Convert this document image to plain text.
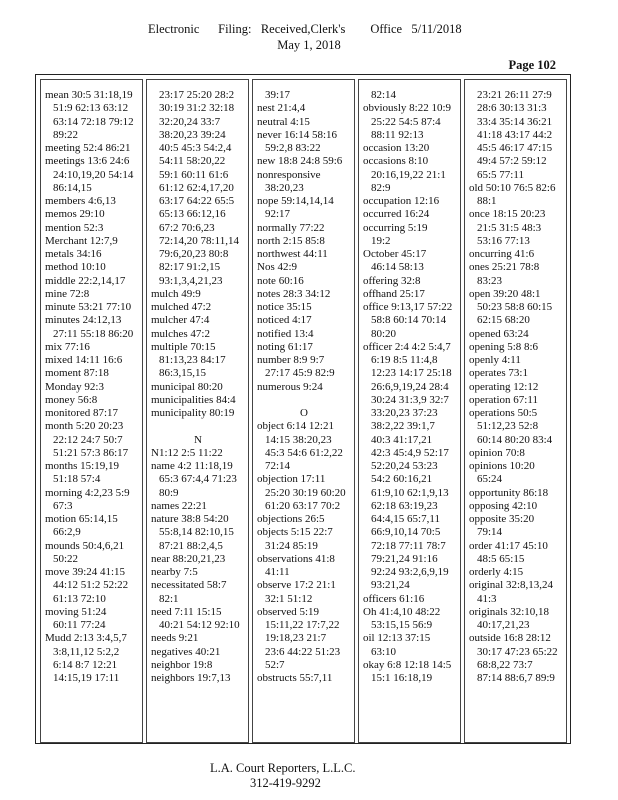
Electronic      Filing:   Received,Clerk's        Office   5/11/2018
May 1, 2018
Page 102
mean 30:5 31:18,19
51:9 62:13 63:12
63:14 72:18 79:12
89:22
meeting 52:4 86:21
meetings 13:6 24:6
24:10,19,20 54:14
86:14,15
members 4:6,13
memos 29:10
mention 52:3
Merchant 12:7,9
metals 34:16
method 10:10
middle 22:2,14,17
mine 72:8
minute 53:21 77:10
minutes 24:12,13
27:11 55:18 86:20
mix 77:16
mixed 14:11 16:6
moment 87:18
Monday 92:3
money 56:8
monitored 87:17
month 5:20 20:23
22:12 24:7 50:7
51:21 57:3 86:17
months 15:19,19
51:18 57:4
morning 4:2,23 5:9
67:3
motion 65:14,15
66:2,9
mounds 50:4,6,21
50:22
move 39:24 41:15
44:12 51:2 52:22
61:13 72:10
moving 51:24
60:11 77:24
Mudd 2:13 3:4,5,7
3:8,11,12 5:2,2
6:14 8:7 12:21
14:15,19 17:11
23:17 25:20 28:2
30:19 31:2 32:18
32:20,24 33:7
38:20,23 39:24
40:5 45:3 54:2,4
54:11 58:20,22
59:1 60:11 61:6
61:12 62:4,17,20
63:17 64:22 65:5
65:13 66:12,16
67:2 70:6,23
72:14,20 78:11,14
79:6,20,23 80:8
82:17 91:2,15
93:1,3,4,21,23
mulch 49:9
mulched 47:2
mulcher 47:4
mulches 47:2
multiple 70:15
81:13,23 84:17
86:3,15,15
municipal 80:20
municipalities 84:4
municipality 80:19

N
N1:12 2:5 11:22
name 4:2 11:18,19
65:3 67:4,4 71:23
80:9
names 22:21
nature 38:8 54:20
55:8,14 82:10,15
87:21 88:2,4,5
near 88:20,21,23
nearby 7:5
necessitated 58:7
82:1
need 7:11 15:15
40:21 54:12 92:10
needs 9:21
negatives 40:21
neighbor 19:8
neighbors 19:7,13
39:17
nest 21:4,4
neutral 4:15
never 16:14 58:16
59:2,8 83:22
new 18:8 24:8 59:6
nonresponsive
38:20,23
nope 59:14,14,14
92:17
normally 77:22
north 2:15 85:8
northwest 44:11
Nos 42:9
note 60:16
notes 28:3 34:12
notice 35:15
noticed 4:17
notified 13:4
noting 61:17
number 8:9 9:7
27:17 45:9 82:9
numerous 9:24

O
object 6:14 12:21
14:15 38:20,23
45:3 54:6 61:2,22
72:14
objection 17:11
25:20 30:19 60:20
61:20 63:17 70:2
objections 26:5
objects 5:15 22:7
31:24 85:19
observations 41:8
41:11
observe 17:2 21:1
32:1 51:12
observed 5:19
15:11,22 17:7,22
19:18,23 21:7
23:6 44:22 51:23
52:7
obstructs 55:7,11
82:14
obviously 8:22 10:9
25:22 54:5 87:4
88:11 92:13
occasion 13:20
occasions 8:10
20:16,19,22 21:1
82:9
occupation 12:16
occurred 16:24
occurring 5:19
19:2
October 45:17
46:14 58:13
offering 32:8
offhand 25:17
office 9:13,17 57:22
58:8 60:14 70:14
80:20
officer 2:4 4:2 5:4,7
6:19 8:5 11:4,8
12:23 14:17 25:18
26:6,9,19,24 28:4
30:24 31:3,9 32:7
33:20,23 37:23
38:2,22 39:1,7
40:3 41:17,21
42:3 45:4,9 52:17
52:20,24 53:23
54:2 60:16,21
61:9,10 62:1,9,13
62:18 63:19,23
64:4,15 65:7,11
66:9,10,14 70:5
72:18 77:11 78:7
79:21,24 91:16
92:24 93:2,6,9,19
93:21,24
officers 61:16
Oh 41:4,10 48:22
53:15,15 56:9
oil 12:13 37:15
63:10
okay 6:8 12:18 14:5
15:1 16:18,19
23:21 26:11 27:9
28:6 30:13 31:3
33:4 35:14 36:21
41:18 43:17 44:2
45:5 46:17 47:15
49:4 57:2 59:12
65:5 77:11
old 50:10 76:5 82:6
88:1
once 18:15 20:23
21:5 31:5 48:3
53:16 77:13
oncurring 41:6
ones 25:21 78:8
83:23
open 39:20 48:1
50:23 58:8 60:15
62:15 68:20
opened 63:24
opening 5:8 8:6
openly 4:11
operates 73:1
operating 12:12
operation 67:11
operations 50:5
51:12,23 52:8
60:14 80:20 83:4
opinion 70:8
opinions 10:20
65:24
opportunity 86:18
opposing 42:10
opposite 35:20
79:14
order 41:17 45:10
48:5 65:15
orderly 4:15
original 32:8,13,24
41:3
originals 32:10,18
40:17,21,23
outside 16:8 28:12
30:17 47:23 65:22
68:8,22 73:7
87:14 88:6,7 89:9
L.A. Court Reporters, L.L.C.
312-419-9292
